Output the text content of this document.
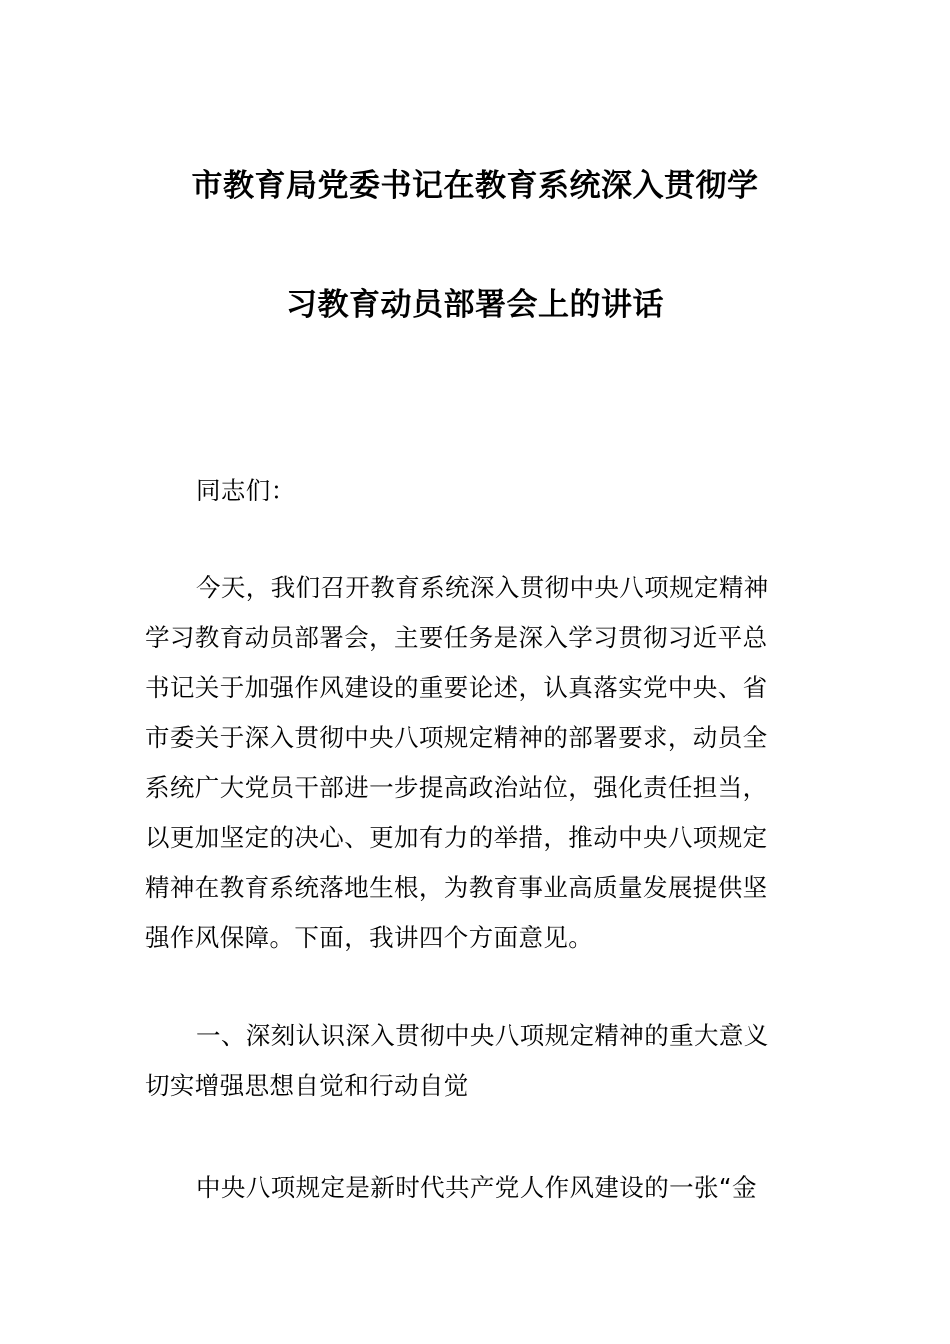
市教育局党委书记在教育系统深入贯彻学
习教育动员部署会上的讲话
同志们：
今天，我们召开教育系统深入贯彻中央八项规定精神
学习教育动员部署会，主要任务是深入学习贯彻习近平总
书记关于加强作风建设的重要论述，认真落实党中央、省
市委关于深入贯彻中央八项规定精神的部署要求，动员全
系统广大党员干部进一步提高政治站位，强化责任担当，
以更加坚定的决心、更加有力的举措，推动中央八项规定
精神在教育系统落地生根，为教育事业高质量发展提供坚
强作风保障。下面，我讲四个方面意见。
一、深刻认识深入贯彻中央八项规定精神的重大意义
切实增强思想自觉和行动自觉
中央八项规定是新时代共产党人作风建设的一张“金
